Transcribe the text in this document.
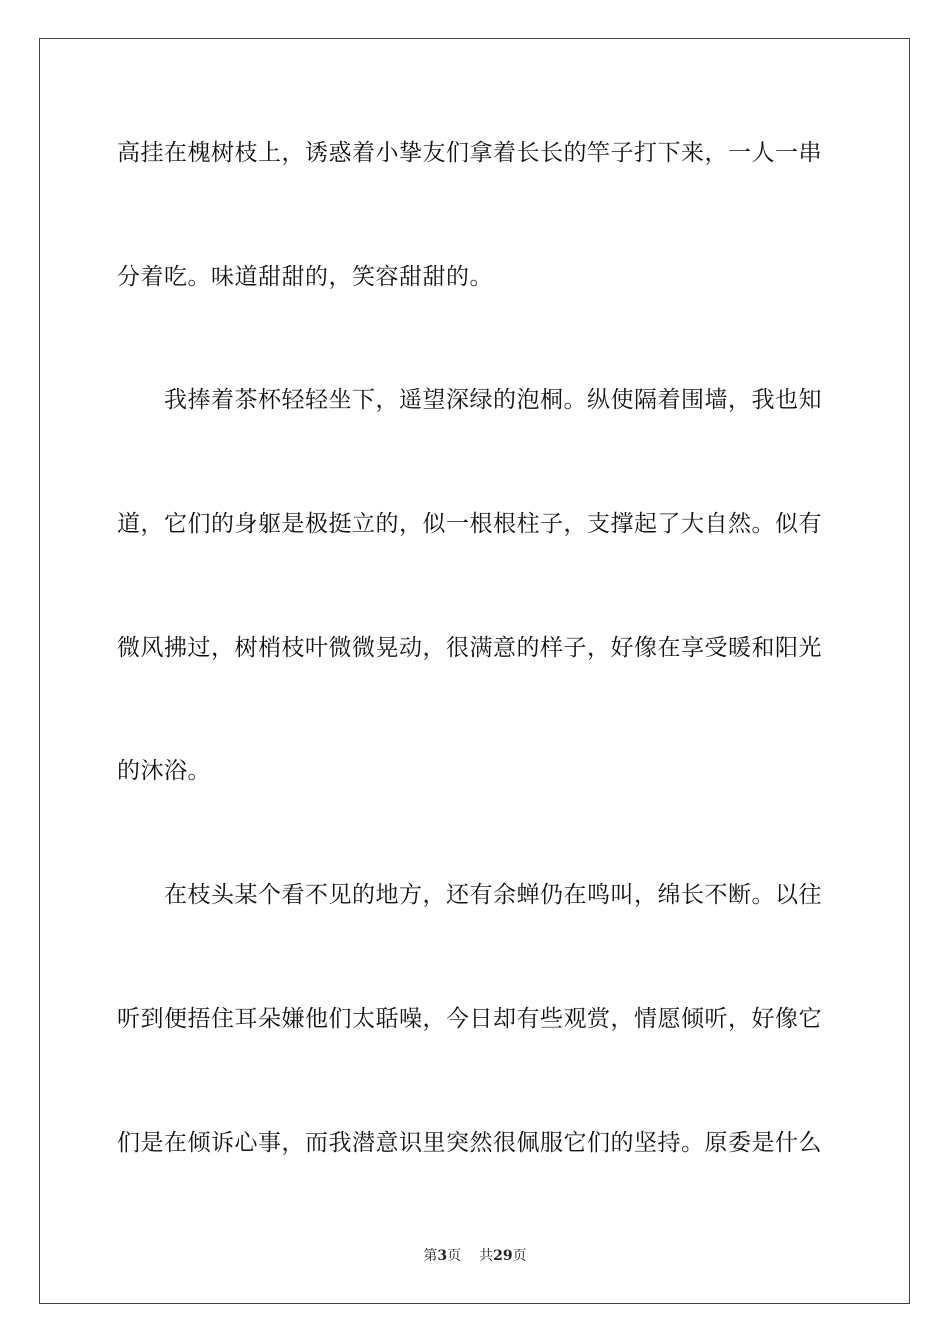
高挂在槐树枝上，诱惑着小挚友们拿着长长的竿子打下来，一人一串
分着吃。味道甜甜的，笑容甜甜的。
　　我捧着茶杯轻轻坐下，遥望深绿的泡桐。纵使隔着围墙，我也知
道，它们的身躯是极挺立的，似一根根柱子，支撑起了大自然。似有
微风拂过，树梢枝叶微微晃动，很满意的样子，好像在享受暖和阳光
的沐浴。
　　在枝头某个看不见的地方，还有余蝉仍在鸣叫，绵长不断。以往
听到便捂住耳朵嫌他们太聒噪，今日却有些观赏，情愿倾听，好像它
们是在倾诉心事，而我潜意识里突然很佩服它们的坚持。原委是什么
第3页 共29页
